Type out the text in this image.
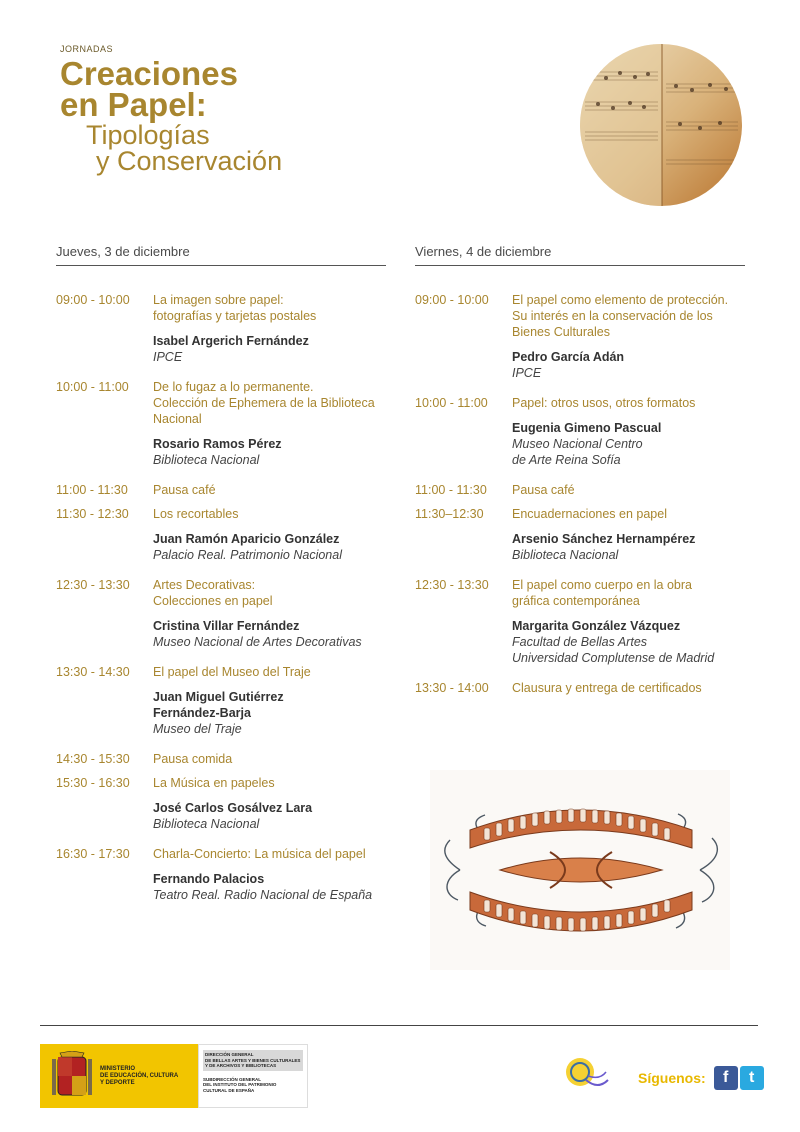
JORNADAS
Creaciones
en Papel:
Tipologías
y Conservación
Jueves, 3 de diciembre
09:00 - 10:00	La imagen sobre papel:
fotografías y tarjetas postales
Isabel Argerich Fernández
IPCE
10:00 - 11:00	De lo fugaz a lo permanente.
Colección de Ephemera de la Biblioteca
Nacional
Rosario Ramos Pérez
Biblioteca Nacional
11:00 - 11:30	Pausa café
11:30 - 12:30	Los recortables
Juan Ramón Aparicio González
Palacio Real. Patrimonio Nacional
12:30 - 13:30	Artes Decorativas:
Colecciones en papel
Cristina Villar Fernández
Museo Nacional de Artes Decorativas
13:30 - 14:30	El papel del Museo del Traje
Juan Miguel Gutiérrez
Fernández-Barja
Museo del Traje
14:30 - 15:30	Pausa comida
15:30 - 16:30	La Música en papeles
José Carlos Gosálvez Lara
Biblioteca Nacional
16:30 - 17:30	Charla-Concierto: La música del papel
Fernando Palacios
Teatro Real. Radio Nacional de España
Viernes, 4 de diciembre
09:00 - 10:00	El papel como elemento de protección.
Su interés en la conservación de los
Bienes Culturales
Pedro García Adán
IPCE
10:00 - 11:00	Papel: otros usos, otros formatos
Eugenia Gimeno Pascual
Museo Nacional Centro
de Arte Reina Sofía
11:00 - 11:30	Pausa café
11:30–12:30	Encuadernaciones en papel
Arsenio Sánchez Hernampérez
Biblioteca Nacional
12:30 - 13:30	El papel como cuerpo en la obra
gráfica contemporánea
Margarita González Vázquez
Facultad de Bellas Artes
Universidad Complutense de Madrid
13:30 - 14:00	Clausura y entrega de certificados
MINISTERIO
DE EDUCACIÓN, CULTURA
Y DEPORTE
DIRECCIÓN GENERAL
DE BELLAS ARTES Y BIENES CULTURALES
Y DE ARCHIVOS Y BIBLIOTECAS
SUBDIRECCIÓN GENERAL
DEL INSTITUTO DEL PATRIMONIO
CULTURAL DE ESPAÑA
Síguenos:	f	t
